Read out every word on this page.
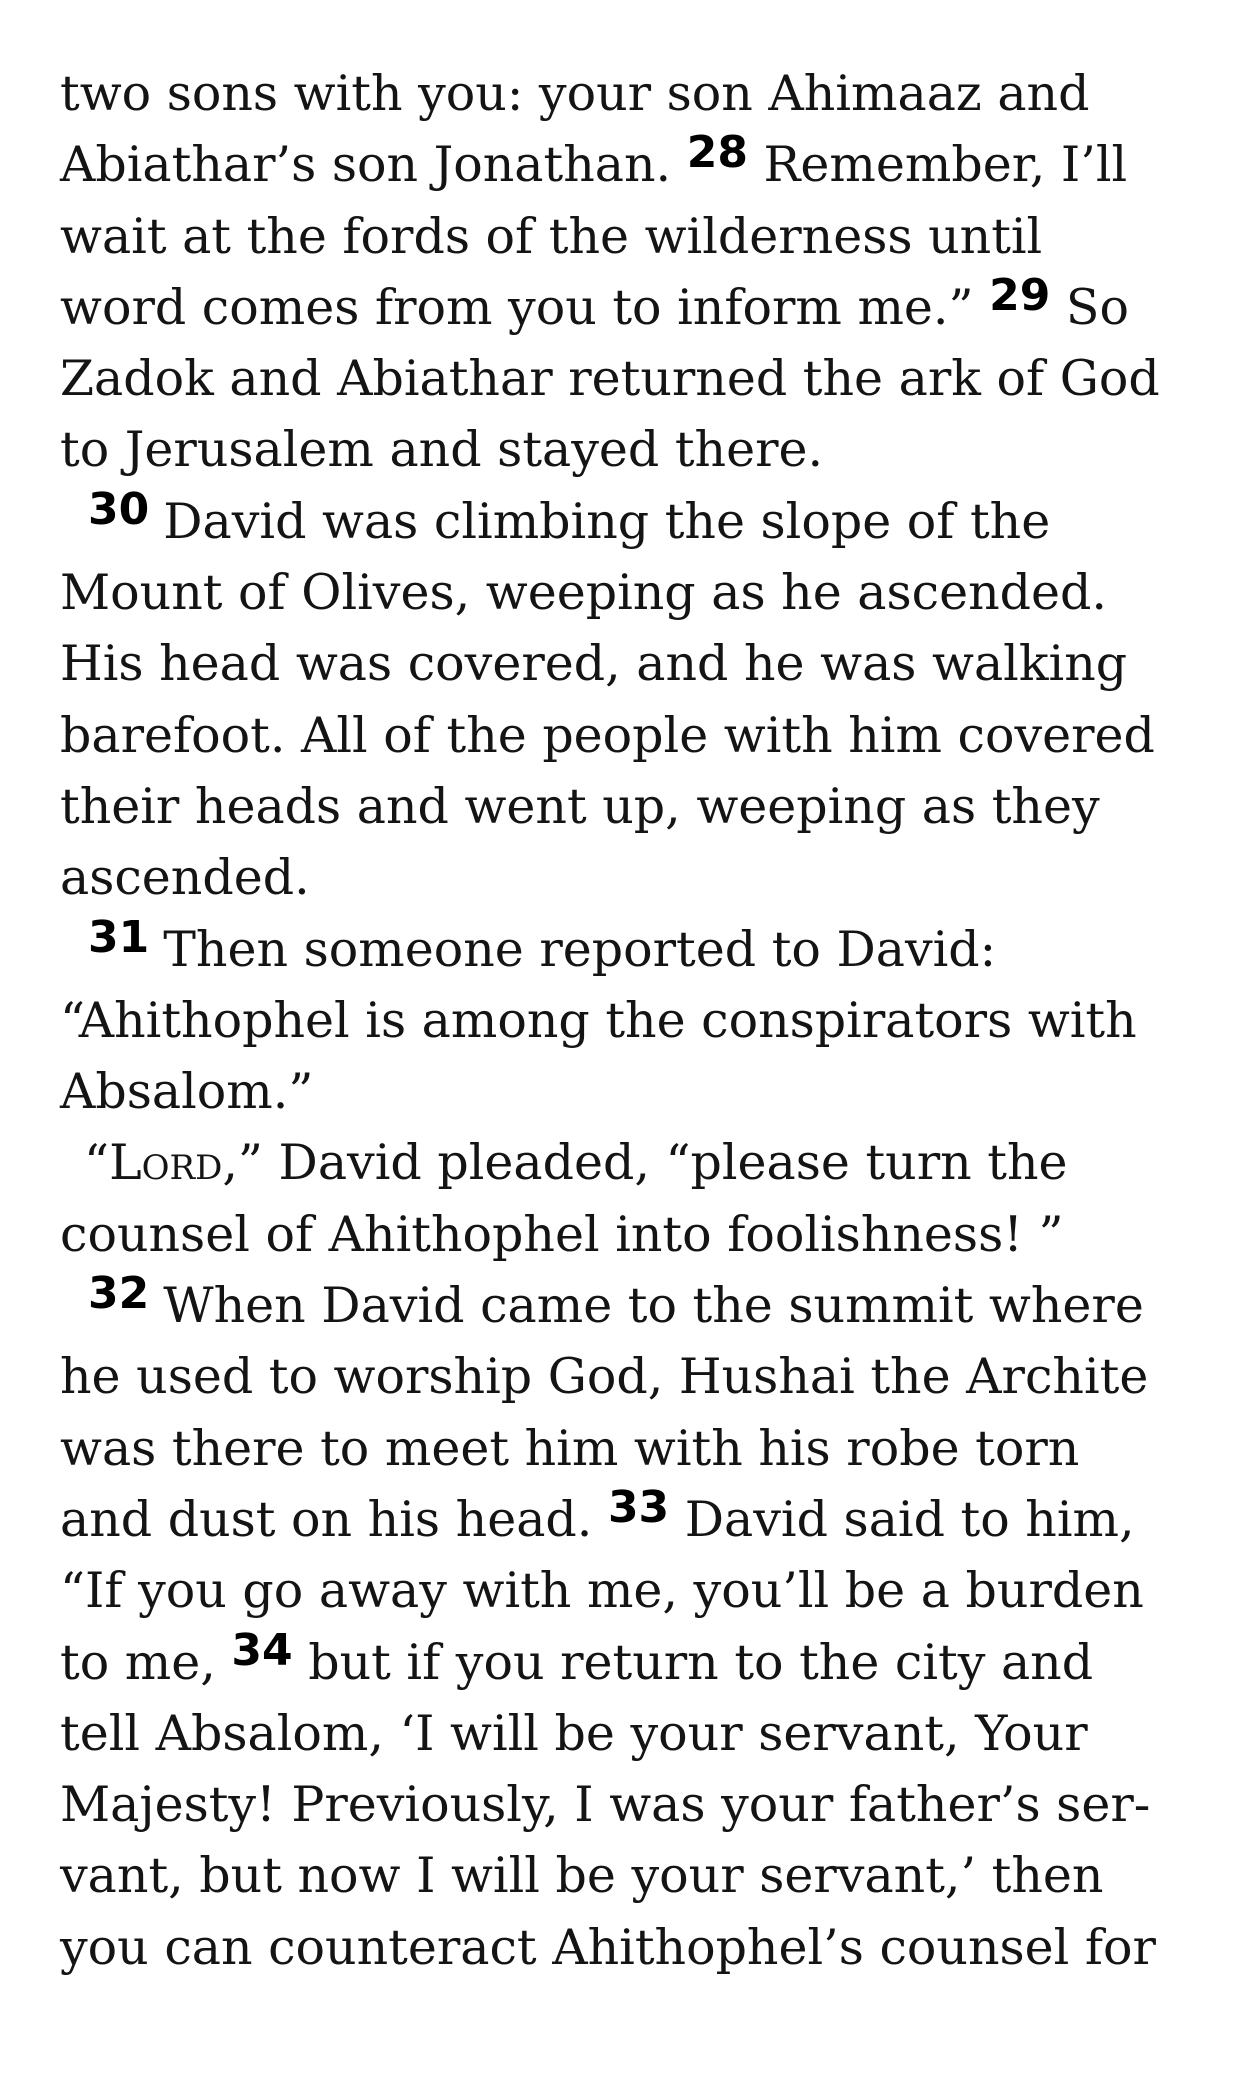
two sons with you: your son Ahimaaz and
Abiathar’s son Jonathan. 28 Remember, I’ll
wait at the fords of the wilderness until
word comes from you to inform me.” 29 So
Zadok and Abiathar returned the ark of God
to Jerusalem and stayed there.
30 David was climbing the slope of the
Mount of Olives, weeping as he ascended.
His head was covered, and he was walking
barefoot. All of the people with him covered
their heads and went up, weeping as they
ascended.
31 Then someone reported to David:
“Ahithophel is among the conspirators with
Absalom.”
“Lord,” David pleaded, “please turn the
counsel of Ahithophel into foolishness! ”
32 When David came to the summit where
he used to worship God, Hushai the Archite
was there to meet him with his robe torn
and dust on his head. 33 David said to him,
“If you go away with me, you’ll be a burden
to me, 34 but if you return to the city and
tell Absalom, ‘I will be your servant, Your
Majesty! Previously, I was your father’s ser-
vant, but now I will be your servant,’ then
you can counteract Ahithophel’s counsel for
